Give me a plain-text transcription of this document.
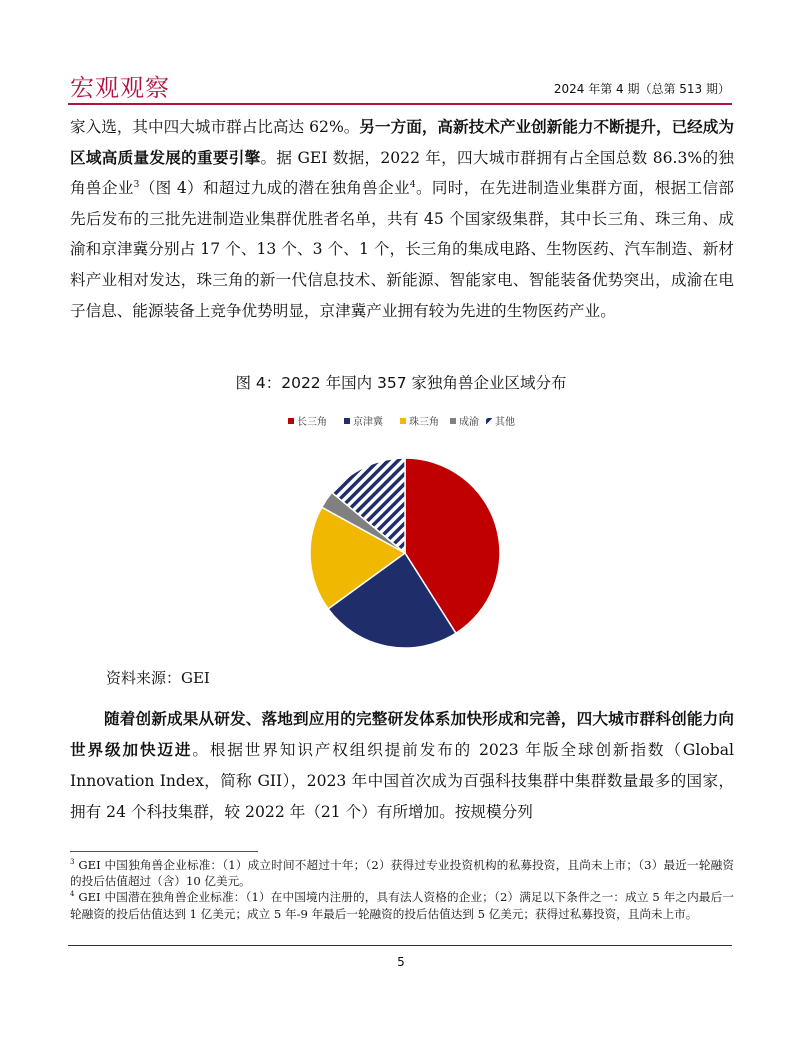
宏观观察	2024 年第 4 期（总第 513 期）

家入选，其中四大城市群占比高达 62%。另一方面，高新技术产业创新能力不断提升，已经成为区域高质量发展的重要引擎。据 GEI 数据，2022 年，四大城市群拥有占全国总数 86.3%的独角兽企业$^3$（图 4）和超过九成的潜在独角兽企业$^4$。同时，在先进制造业集群方面，根据工信部先后发布的三批先进制造业集群优胜者名单，共有 45 个国家级集群，其中长三角、珠三角、成渝和京津冀分别占 17 个、13 个、3 个、1 个，长三角的集成电路、生物医药、汽车制造、新材料产业相对发达，珠三角的新一代信息技术、新能源、智能家电、智能装备优势突出，成渝在电子信息、能源装备上竞争优势明显，京津冀产业拥有较为先进的生物医药产业。

图 4：2022 年国内 357 家独角兽企业区域分布
长三角	京津冀	珠三角 成渝 其他
资料来源：GEI

随着创新成果从研发、落地到应用的完整研发体系加快形成和完善，四大城市群科创能力向世界级加快迈进。根据世界知识产权组织提前发布的 2023 年版全球创新指数（Global Innovation Index，简称 GII），2023 年中国首次成为百强科技集群中集群数量最多的国家，拥有 24 个科技集群，较 2022 年（21 个）有所增加。按规模分列

$^3$ GEI 中国独角兽企业标准：（1）成立时间不超过十年；（2）获得过专业投资机构的私募投资，且尚未上市；（3）最近一轮融资的投后估值超过（含）10 亿美元。

$^4$ GEI 中国潜在独角兽企业标准：（1）在中国境内注册的，具有法人资格的企业；（2）满足以下条件之一：成立 5 年之内最后一轮融资的投后估值达到 1 亿美元；成立 5 年-9 年最后一轮融资的投后估值达到 5 亿美元；获得过私募投资，且尚未上市。

5
